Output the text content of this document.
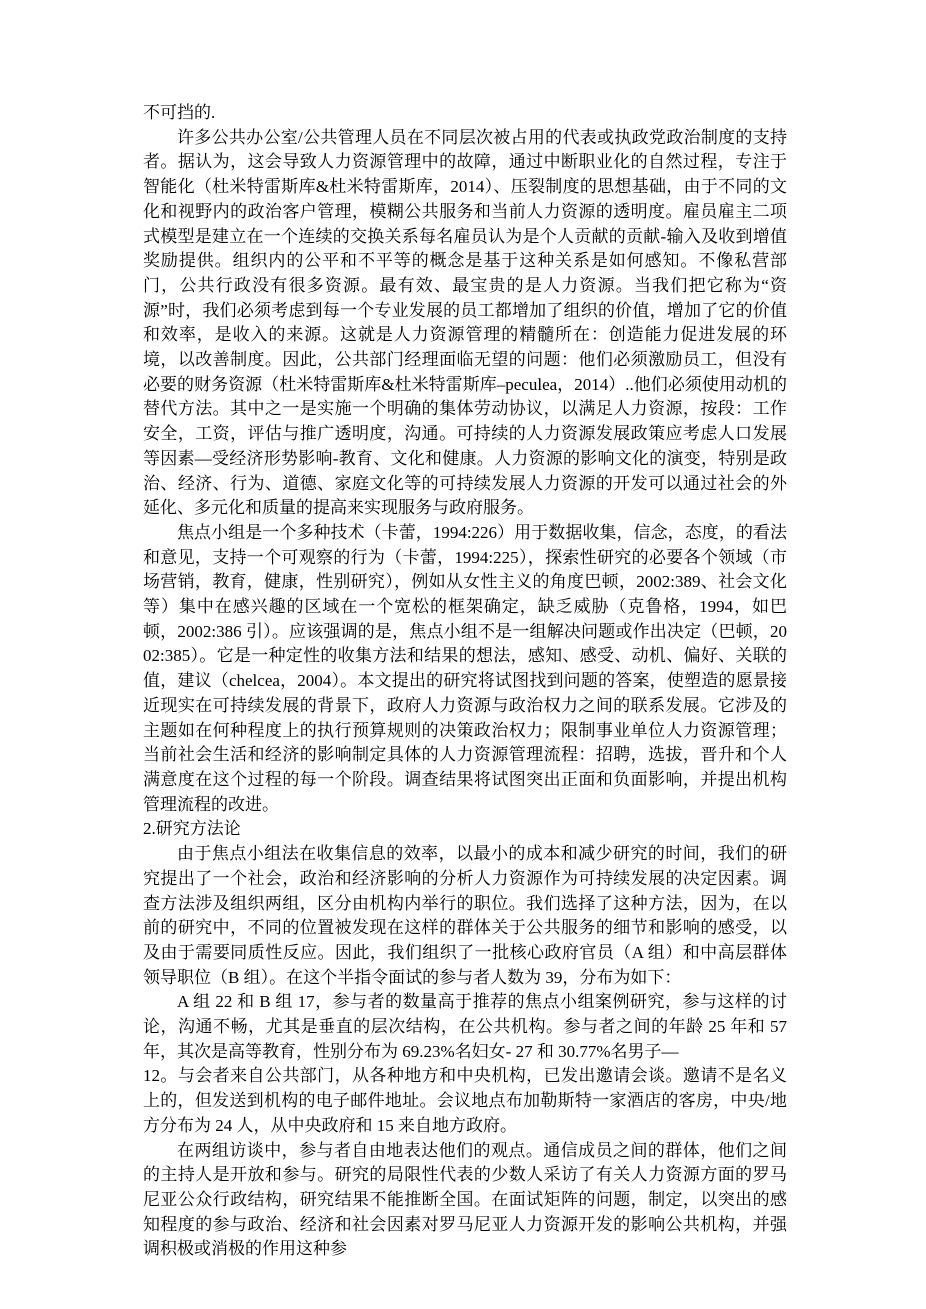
不可挡的.

许多公共办公室/公共管理人员在不同层次被占用的代表或执政党政治制度的支持者。据认为，这会导致人力资源管理中的故障，通过中断职业化的自然过程，专注于智能化（杜米特雷斯库&杜米特雷斯库，2014）、压裂制度的思想基础，由于不同的文化和视野内的政治客户管理，模糊公共服务和当前人力资源的透明度。雇员雇主二项式模型是建立在一个连续的交换关系每名雇员认为是个人贡献的贡献-输入及收到增值奖励提供。组织内的公平和不平等的概念是基于这种关系是如何感知。不像私营部门，公共行政没有很多资源。最有效、最宝贵的是人力资源。当我们把它称为“资源”时，我们必须考虑到每一个专业发展的员工都增加了组织的价值，增加了它的价值和效率，是收入的来源。这就是人力资源管理的精髓所在：创造能力促进发展的环境，以改善制度。因此，公共部门经理面临无望的问题：他们必须激励员工，但没有必要的财务资源（杜米特雷斯库&杜米特雷斯库–peculea，2014）..他们必须使用动机的替代方法。其中之一是实施一个明确的集体劳动协议，以满足人力资源，按段：工作安全，工资，评估与推广透明度，沟通。可持续的人力资源发展政策应考虑人口发展等因素—受经济形势影响-教育、文化和健康。人力资源的影响文化的演变，特别是政治、经济、行为、道德、家庭文化等的可持续发展人力资源的开发可以通过社会的外延化、多元化和质量的提高来实现服务与政府服务。

焦点小组是一个多种技术（卡蕾，1994:226）用于数据收集，信念，态度，的看法和意见，支持一个可观察的行为（卡蕾，1994:225），探索性研究的必要各个领域（市场营销，教育，健康，性别研究），例如从女性主义的角度巴顿，2002:389、社会文化等）集中在感兴趣的区域在一个宽松的框架确定，缺乏威胁（克鲁格，1994，如巴顿，2002:386 引）。应该强调的是，焦点小组不是一组解决问题或作出决定（巴顿，2002:385）。它是一种定性的收集方法和结果的想法，感知、感受、动机、偏好、关联的值，建议（chelcea，2004）。本文提出的研究将试图找到问题的答案，使塑造的愿景接近现实在可持续发展的背景下，政府人力资源与政治权力之间的联系发展。它涉及的主题如在何种程度上的执行预算规则的决策政治权力；限制事业单位人力资源管理；当前社会生活和经济的影响制定具体的人力资源管理流程：招聘，选拔，晋升和个人满意度在这个过程的每一个阶段。调查结果将试图突出正面和负面影响，并提出机构管理流程的改进。

2.研究方法论

由于焦点小组法在收集信息的效率，以最小的成本和减少研究的时间，我们的研究提出了一个社会，政治和经济影响的分析人力资源作为可持续发展的决定因素。调查方法涉及组织两组，区分由机构内举行的职位。我们选择了这种方法，因为，在以前的研究中，不同的位置被发现在这样的群体关于公共服务的细节和影响的感受，以及由于需要同质性反应。因此，我们组织了一批核心政府官员（A 组）和中高层群体领导职位（B 组）。在这个半指令面试的参与者人数为 39，分布为如下：

A 组 22 和 B 组 17，参与者的数量高于推荐的焦点小组案例研究，参与这样的讨论，沟通不畅，尤其是垂直的层次结构，在公共机构。参与者之间的年龄 25 年和 57 年，其次是高等教育，性别分布为 69.23%名妇女- 27 和 30.77%名男子—

12。与会者来自公共部门，从各种地方和中央机构，已发出邀请会谈。邀请不是名义上的，但发送到机构的电子邮件地址。会议地点布加勒斯特一家酒店的客房，中央/地方分布为 24 人，从中央政府和 15 来自地方政府。

在两组访谈中，参与者自由地表达他们的观点。通信成员之间的群体，他们之间的主持人是开放和参与。研究的局限性代表的少数人采访了有关人力资源方面的罗马尼亚公众行政结构，研究结果不能推断全国。在面试矩阵的问题，制定，以突出的感知程度的参与政治、经济和社会因素对罗马尼亚人力资源开发的影响公共机构，并强调积极或消极的作用这种参
